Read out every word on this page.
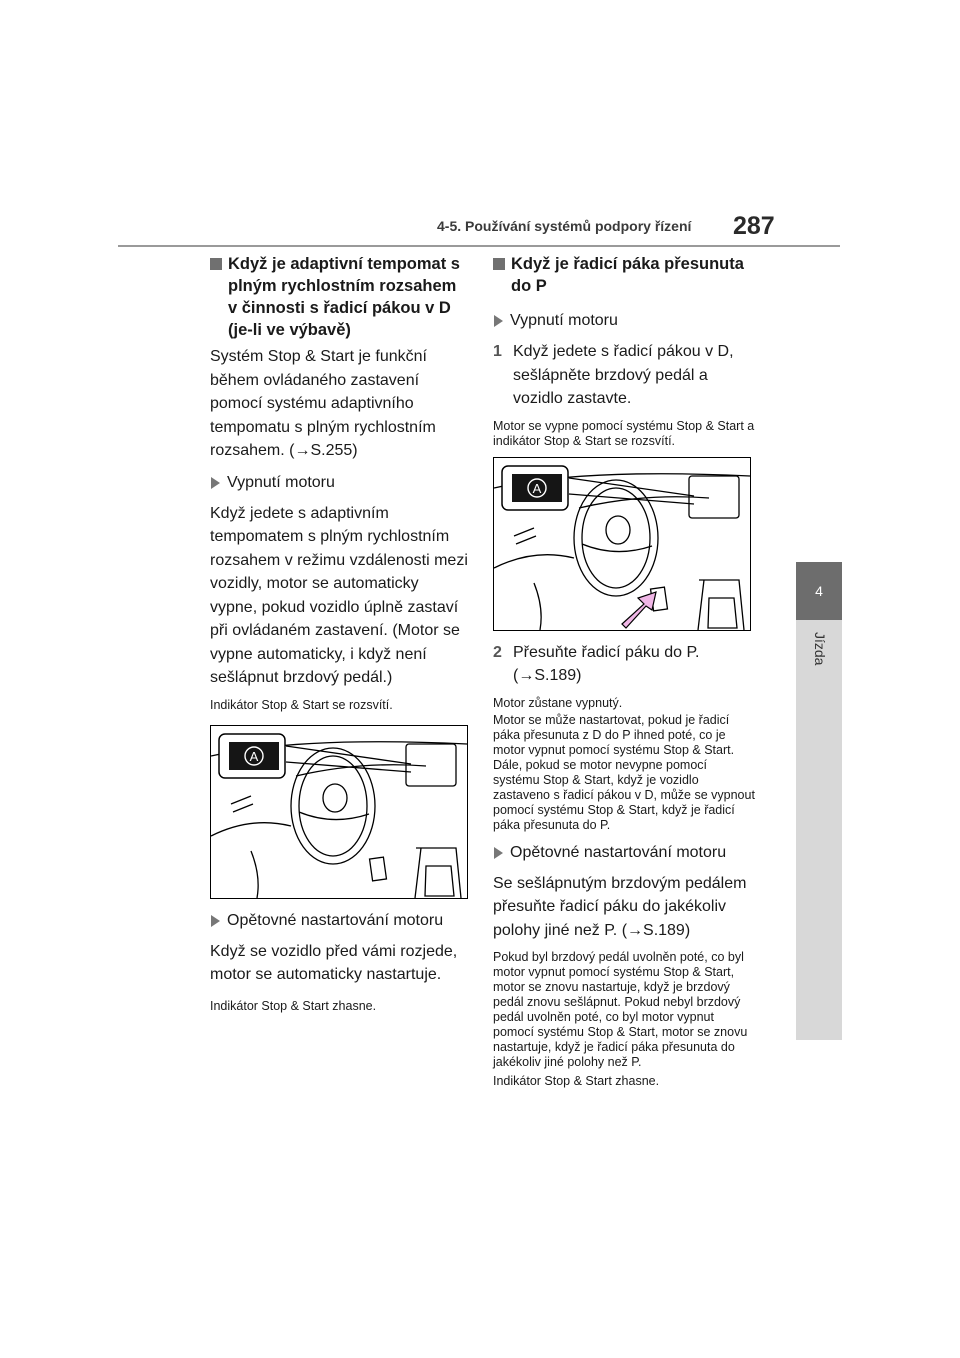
4-5. Používání systémů podpory řízení 287
4
Jízda
Když je adaptivní tempomat s plným rychlostním rozsahem v činnosti s řadicí pákou v D (je-li ve výbavě)

Systém Stop & Start je funkční během ovládaného zastavení pomocí systému adaptivního tempomatu s plným rychlostním rozsahem. (→S.255)

Vypnutí motoru

Když jedete s adaptivním tempomatem s plným rychlostním rozsahem v režimu vzdálenosti mezi vozidly, motor se automaticky vypne, pokud vozidlo úplně zastaví při ovládaném zastavení. (Motor se vypne automaticky, i když není sešlápnut brzdový pedál.)

Indikátor Stop & Start se rozsvítí.

A
Opětovné nastartování motoru

Když se vozidlo před vámi rozjede, motor se automaticky nastartuje.

Indikátor Stop & Start zhasne.

Když je řadicí páka přesunuta do P
Vypnutí motoru
1 Když jedete s řadicí pákou v D, sešlápněte brzdový pedál a vozidlo zastavte.

Motor se vypne pomocí systému Stop & Start a indikátor Stop & Start se rozsvítí.

A
2 Přesuňte řadicí páku do P. (→S.189)

Motor zůstane vypnutý.

Motor se může nastartovat, pokud je řadicí páka přesunuta z D do P ihned poté, co je motor vypnut pomocí systému Stop & Start. Dále, pokud se motor nevypne pomocí systému Stop & Start, když je vozidlo zastaveno s řadicí pákou v D, může se vypnout pomocí systému Stop & Start, když je řadicí páka přesunuta do P.

Opětovné nastartování motoru

Se sešlápnutým brzdovým pedálem přesuňte řadicí páku do jakékoliv polohy jiné než P. (→S.189)

Pokud byl brzdový pedál uvolněn poté, co byl motor vypnut pomocí systému Stop & Start, motor se znovu nastartuje, když je brzdový pedál znovu sešlápnut. Pokud nebyl brzdový pedál uvolněn poté, co byl motor vypnut pomocí systému Stop & Start, motor se znovu nastartuje, když je řadicí páka přesunuta do jakékoliv jiné polohy než P.

Indikátor Stop & Start zhasne.
